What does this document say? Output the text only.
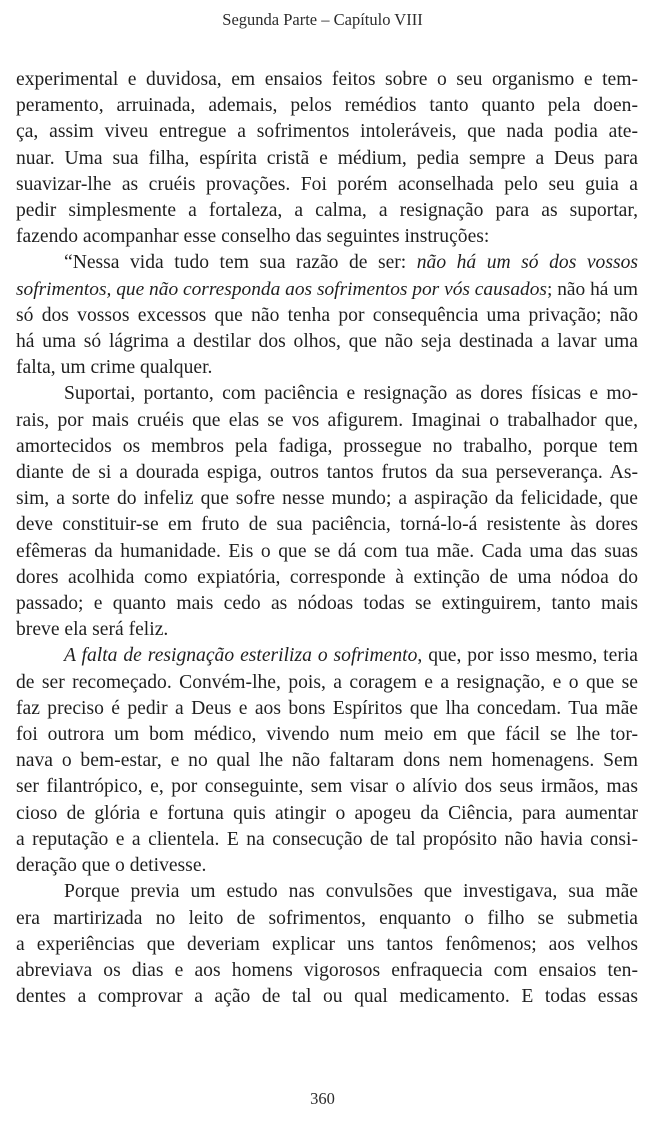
Segunda Parte – Capítulo VIII
experimental e duvidosa, em ensaios feitos sobre o seu organismo e tem-
peramento, arruinada, ademais, pelos remédios tanto quanto pela doen-
ça, assim viveu entregue a sofrimentos intoleráveis, que nada podia ate-
nuar. Uma sua filha, espírita cristã e médium, pedia sempre a Deus para
suavizar-lhe as cruéis provações. Foi porém aconselhada pelo seu guia a
pedir simplesmente a fortaleza, a calma, a resignação para as suportar,
fazendo acompanhar esse conselho das seguintes instruções:
“Nessa vida tudo tem sua razão de ser: não há um só dos vossos
sofrimentos, que não corresponda aos sofrimentos por vós causados; não há um
só dos vossos excessos que não tenha por consequência uma privação; não
há uma só lágrima a destilar dos olhos, que não seja destinada a lavar uma
falta, um crime qualquer.
Suportai, portanto, com paciência e resignação as dores físicas e mo-
rais, por mais cruéis que elas se vos afigurem. Imaginai o trabalhador que,
amortecidos os membros pela fadiga, prossegue no trabalho, porque tem
diante de si a dourada espiga, outros tantos frutos da sua perseverança. As-
sim, a sorte do infeliz que sofre nesse mundo; a aspiração da felicidade, que
deve constituir-se em fruto de sua paciência, torná-lo-á resistente às dores
efêmeras da humanidade. Eis o que se dá com tua mãe. Cada uma das suas
dores acolhida como expiatória, corresponde à extinção de uma nódoa do
passado; e quanto mais cedo as nódoas todas se extinguirem, tanto mais
breve ela será feliz.
A falta de resignação esteriliza o sofrimento, que, por isso mesmo, teria
de ser recomeçado. Convém-lhe, pois, a coragem e a resignação, e o que se
faz preciso é pedir a Deus e aos bons Espíritos que lha concedam. Tua mãe
foi outrora um bom médico, vivendo num meio em que fácil se lhe tor-
nava o bem-estar, e no qual lhe não faltaram dons nem homenagens. Sem
ser filantrópico, e, por conseguinte, sem visar o alívio dos seus irmãos, mas
cioso de glória e fortuna quis atingir o apogeu da Ciência, para aumentar
a reputação e a clientela. E na consecução de tal propósito não havia consi-
deração que o detivesse.
Porque previa um estudo nas convulsões que investigava, sua mãe
era martirizada no leito de sofrimentos, enquanto o filho se submetia
a experiências que deveriam explicar uns tantos fenômenos; aos velhos
abreviava os dias e aos homens vigorosos enfraquecia com ensaios ten-
dentes a comprovar a ação de tal ou qual medicamento. E todas essas
360
